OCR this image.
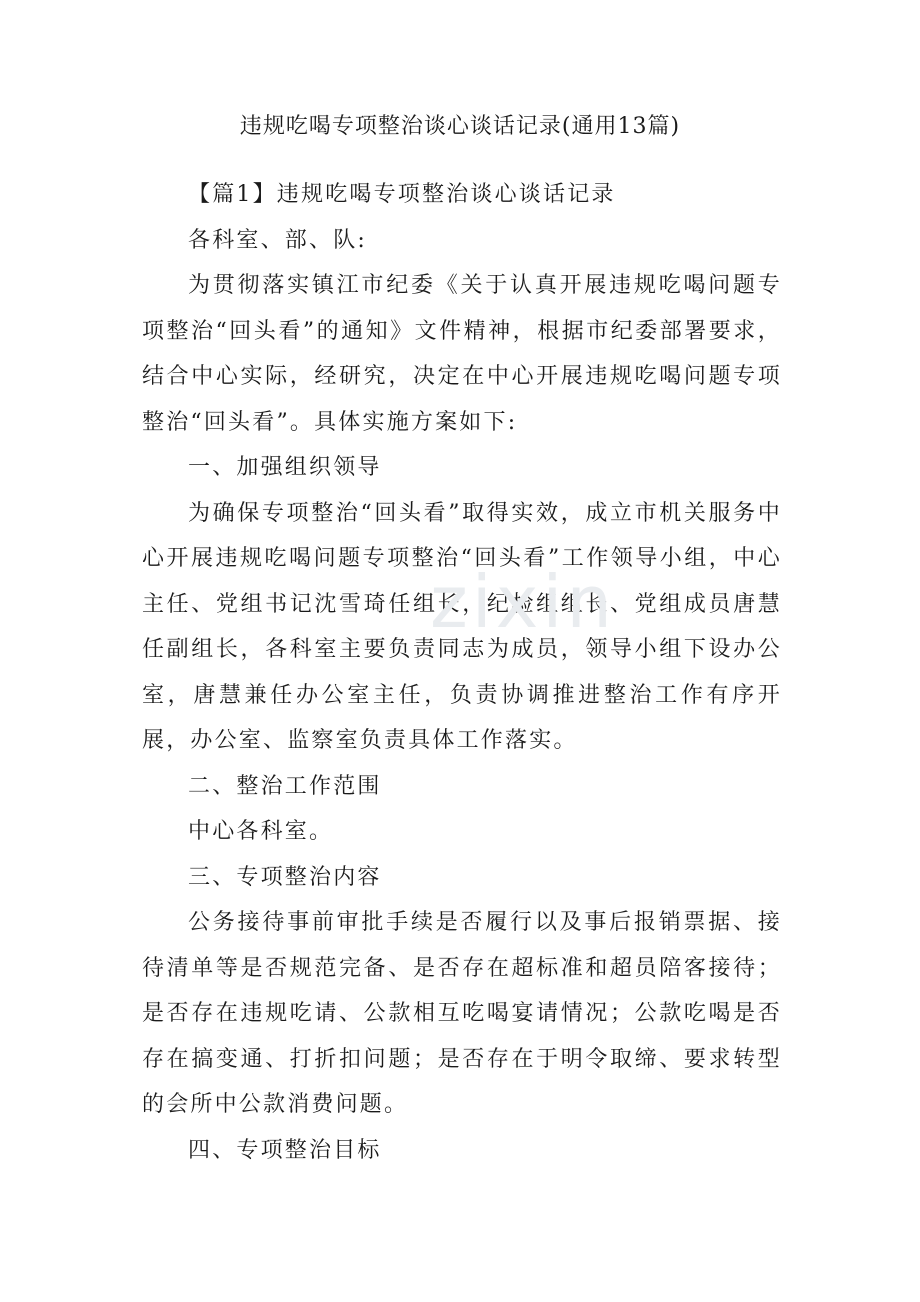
违规吃喝专项整治谈心谈话记录(通用13篇)

【篇1】违规吃喝专项整治谈心谈话记录

各科室、部、队:

为贯彻落实镇江市纪委《关于认真开展违规吃喝问题专项整治“回头看”的通知》文件精神，根据市纪委部署要求，结合中心实际，经研究，决定在中心开展违规吃喝问题专项整治“回头看”。具体实施方案如下:

一、加强组织领导

为确保专项整治“回头看”取得实效，成立市机关服务中心开展违规吃喝问题专项整治“回头看”工作领导小组，中心主任、党组书记沈雪琦任组长，纪检组组长、党组成员唐慧任副组长，各科室主要负责同志为成员，领导小组下设办公室，唐慧兼任办公室主任，负责协调推进整治工作有序开展，办公室、监察室负责具体工作落实。

二、整治工作范围

中心各科室。

三、专项整治内容

公务接待事前审批手续是否履行以及事后报销票据、接待清单等是否规范完备、是否存在超标准和超员陪客接待；是否存在违规吃请、公款相互吃喝宴请情况；公款吃喝是否存在搞变通、打折扣问题；是否存在于明令取缔、要求转型的会所中公款消费问题。

四、专项整治目标

zixin
